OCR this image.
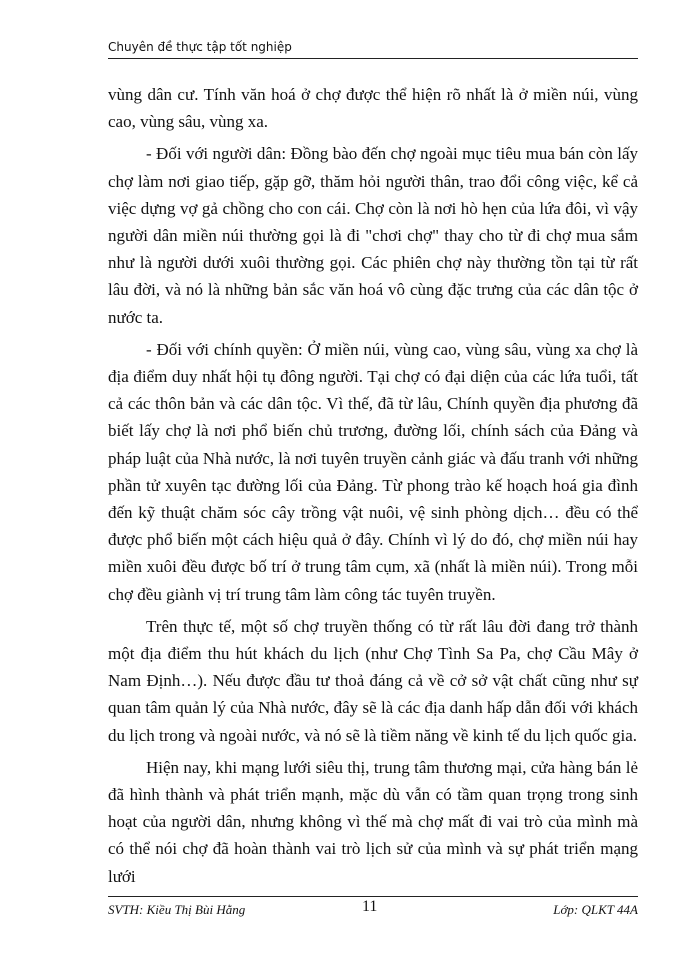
Chuyên đề thực tập tốt nghiệp

vùng dân cư. Tính văn hoá ở chợ được thể hiện rõ nhất là ở miền núi, vùng cao, vùng sâu, vùng xa.

- Đối với người dân: Đồng bào đến chợ ngoài mục tiêu mua bán còn lấy chợ làm nơi giao tiếp, gặp gỡ, thăm hỏi người thân, trao đổi công việc, kể cả việc dựng vợ gả chồng cho con cái. Chợ còn là nơi hò hẹn của lứa đôi, vì vậy người dân miền núi thường gọi là đi "chơi chợ" thay cho từ đi chợ mua sắm như là người dưới xuôi thường gọi. Các phiên chợ này thường tồn tại từ rất lâu đời, và nó là những bản sắc văn hoá vô cùng đặc trưng của các dân tộc ở nước ta.

- Đối với chính quyền: Ở miền núi, vùng cao, vùng sâu, vùng xa chợ là địa điểm duy nhất hội tụ đông người. Tại chợ có đại diện của các lứa tuổi, tất cả các thôn bản và các dân tộc. Vì thế, đã từ lâu, Chính quyền địa phương đã biết lấy chợ là nơi phổ biến chủ trương, đường lối, chính sách của Đảng và pháp luật của Nhà nước, là nơi tuyên truyền cảnh giác và đấu tranh với những phần tử xuyên tạc đường lối của Đảng. Từ phong trào kế hoạch hoá gia đình đến kỹ thuật chăm sóc cây trồng vật nuôi, vệ sinh phòng dịch… đều có thể được phổ biến một cách hiệu quả ở đây. Chính vì lý do đó, chợ miền núi hay miền xuôi đều được bố trí ở trung tâm cụm, xã (nhất là miền núi). Trong mỗi chợ đều giành vị trí trung tâm làm công tác tuyên truyền.

Trên thực tế, một số chợ truyền thống có từ rất lâu đời đang trở thành một địa điểm thu hút khách du lịch (như Chợ Tình Sa Pa, chợ Cầu Mây ở Nam Định…). Nếu được đầu tư thoả đáng cả về cở sở vật chất cũng như sự quan tâm quản lý của Nhà nước, đây sẽ là các địa danh hấp dẫn đối với khách du lịch trong và ngoài nước, và nó sẽ là tiềm năng về kinh tế du lịch quốc gia.

Hiện nay, khi mạng lưới siêu thị, trung tâm thương mại, cửa hàng bán lẻ đã hình thành và phát triển mạnh, mặc dù vẫn có tầm quan trọng trong sinh hoạt của người dân, nhưng không vì thế mà chợ mất đi vai trò của mình mà có thể nói chợ đã hoàn thành vai trò lịch sử của mình và sự phát triển mạng lưới

SVTH: Kiều Thị Bùi Hằng	11	Lớp: QLKT 44A
